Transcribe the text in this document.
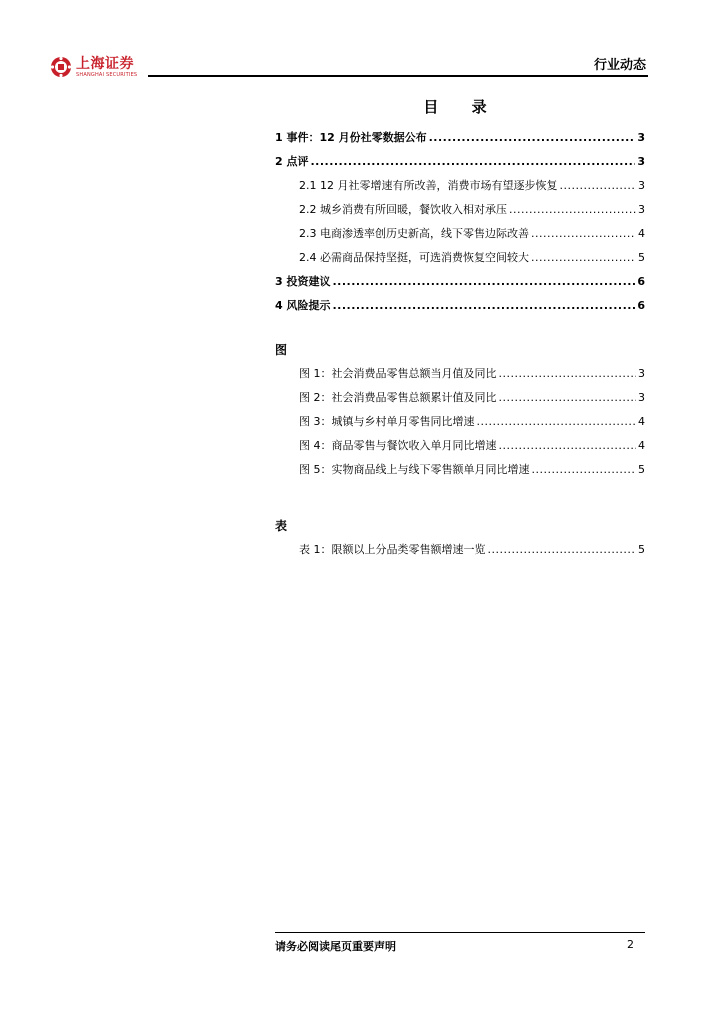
上海证券
SHANGHAI SECURITIES
行业动态
目 录
1 事件：12 月份社零数据公布 .....	3
2 点评 .....	3
2.1 12 月社零增速有所改善，消费市场有望逐步恢复 .....	3
2.2 城乡消费有所回暖，餐饮收入相对承压 .....	3
2.3 电商渗透率创历史新高，线下零售边际改善 .....	4
2.4 必需商品保持坚挺，可选消费恢复空间较大 .....	5
3 投资建议 .....	6
4 风险提示 .....	6
图
图 1：社会消费品零售总额当月值及同比 .....	3
图 2：社会消费品零售总额累计值及同比 .....	3
图 3：城镇与乡村单月零售同比增速 .....	4
图 4：商品零售与餐饮收入单月同比增速 .....	4
图 5：实物商品线上与线下零售额单月同比增速 .....	5
表
表 1：限额以上分品类零售额增速一览 .....	5
请务必阅读尾页重要声明	2
